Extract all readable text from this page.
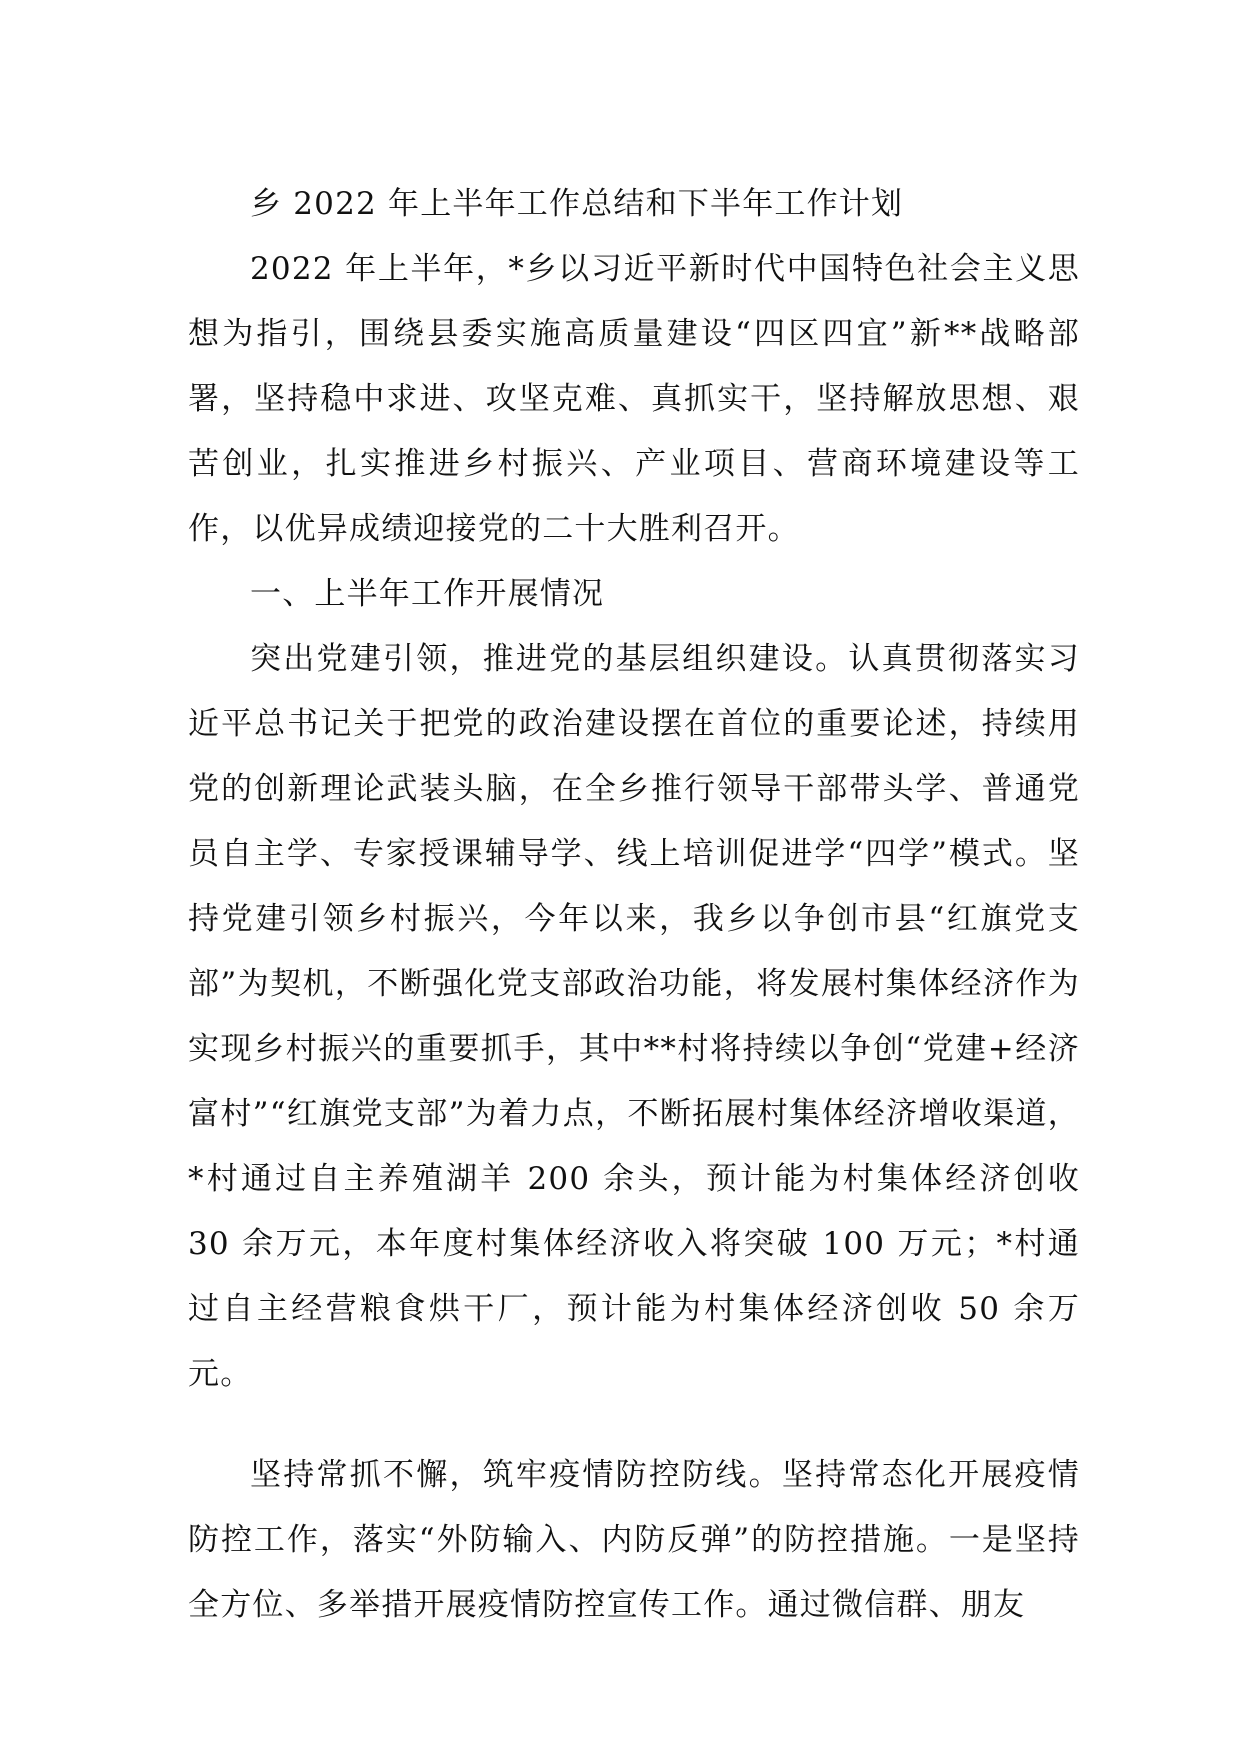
乡 2022 年上半年工作总结和下半年工作计划

2022 年上半年，*乡以习近平新时代中国特色社会主义思想为指引，围绕县委实施高质量建设“四区四宜”新**战略部署，坚持稳中求进、攻坚克难、真抓实干，坚持解放思想、艰苦创业，扎实推进乡村振兴、产业项目、营商环境建设等工作，以优异成绩迎接党的二十大胜利召开。

一、上半年工作开展情况

突出党建引领，推进党的基层组织建设。认真贯彻落实习近平总书记关于把党的政治建设摆在首位的重要论述，持续用党的创新理论武装头脑，在全乡推行领导干部带头学、普通党员自主学、专家授课辅导学、线上培训促进学“四学”模式。坚持党建引领乡村振兴，今年以来，我乡以争创市县“红旗党支部”为契机，不断强化党支部政治功能，将发展村集体经济作为实现乡村振兴的重要抓手，其中**村将持续以争创“党建+经济富村”“红旗党支部”为着力点，不断拓展村集体经济增收渠道，*村通过自主养殖湖羊 200 余头，预计能为村集体经济创收 30 余万元，本年度村集体经济收入将突破 100 万元；*村通过自主经营粮食烘干厂，预计能为村集体经济创收 50 余万元。

坚持常抓不懈，筑牢疫情防控防线。坚持常态化开展疫情防控工作，落实“外防输入、内防反弹”的防控措施。一是坚持全方位、多举措开展疫情防控宣传工作。通过微信群、朋友
